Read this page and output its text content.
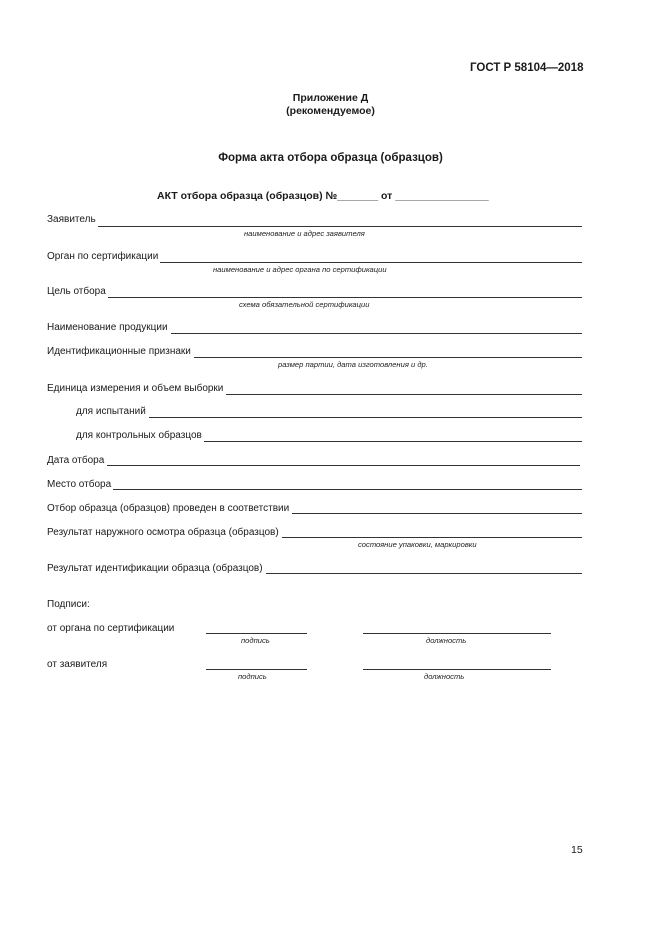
ГОСТ Р 58104—2018
Приложение Д
(рекомендуемое)
Форма акта отбора образца (образцов)
АКТ отбора образца (образцов) №_______ от ________________
Заявитель
наименование и адрес заявителя
Орган по сертификации
наименование и адрес органа по сертификации
Цель отбора
схема обязательной сертификации
Наименование продукции
Идентификационные признаки
размер партии, дата изготовления и др.
Единица измерения и объем выборки
для испытаний
для контрольных образцов
Дата отбора
Место отбора
Отбор образца (образцов) проведен в соответствии
Результат наружного осмотра образца (образцов)
состояние упаковки, маркировки
Результат идентификации образца (образцов)
Подписи:
от органа по сертификации
подпись	должность
от заявителя
подпись	должность
15
